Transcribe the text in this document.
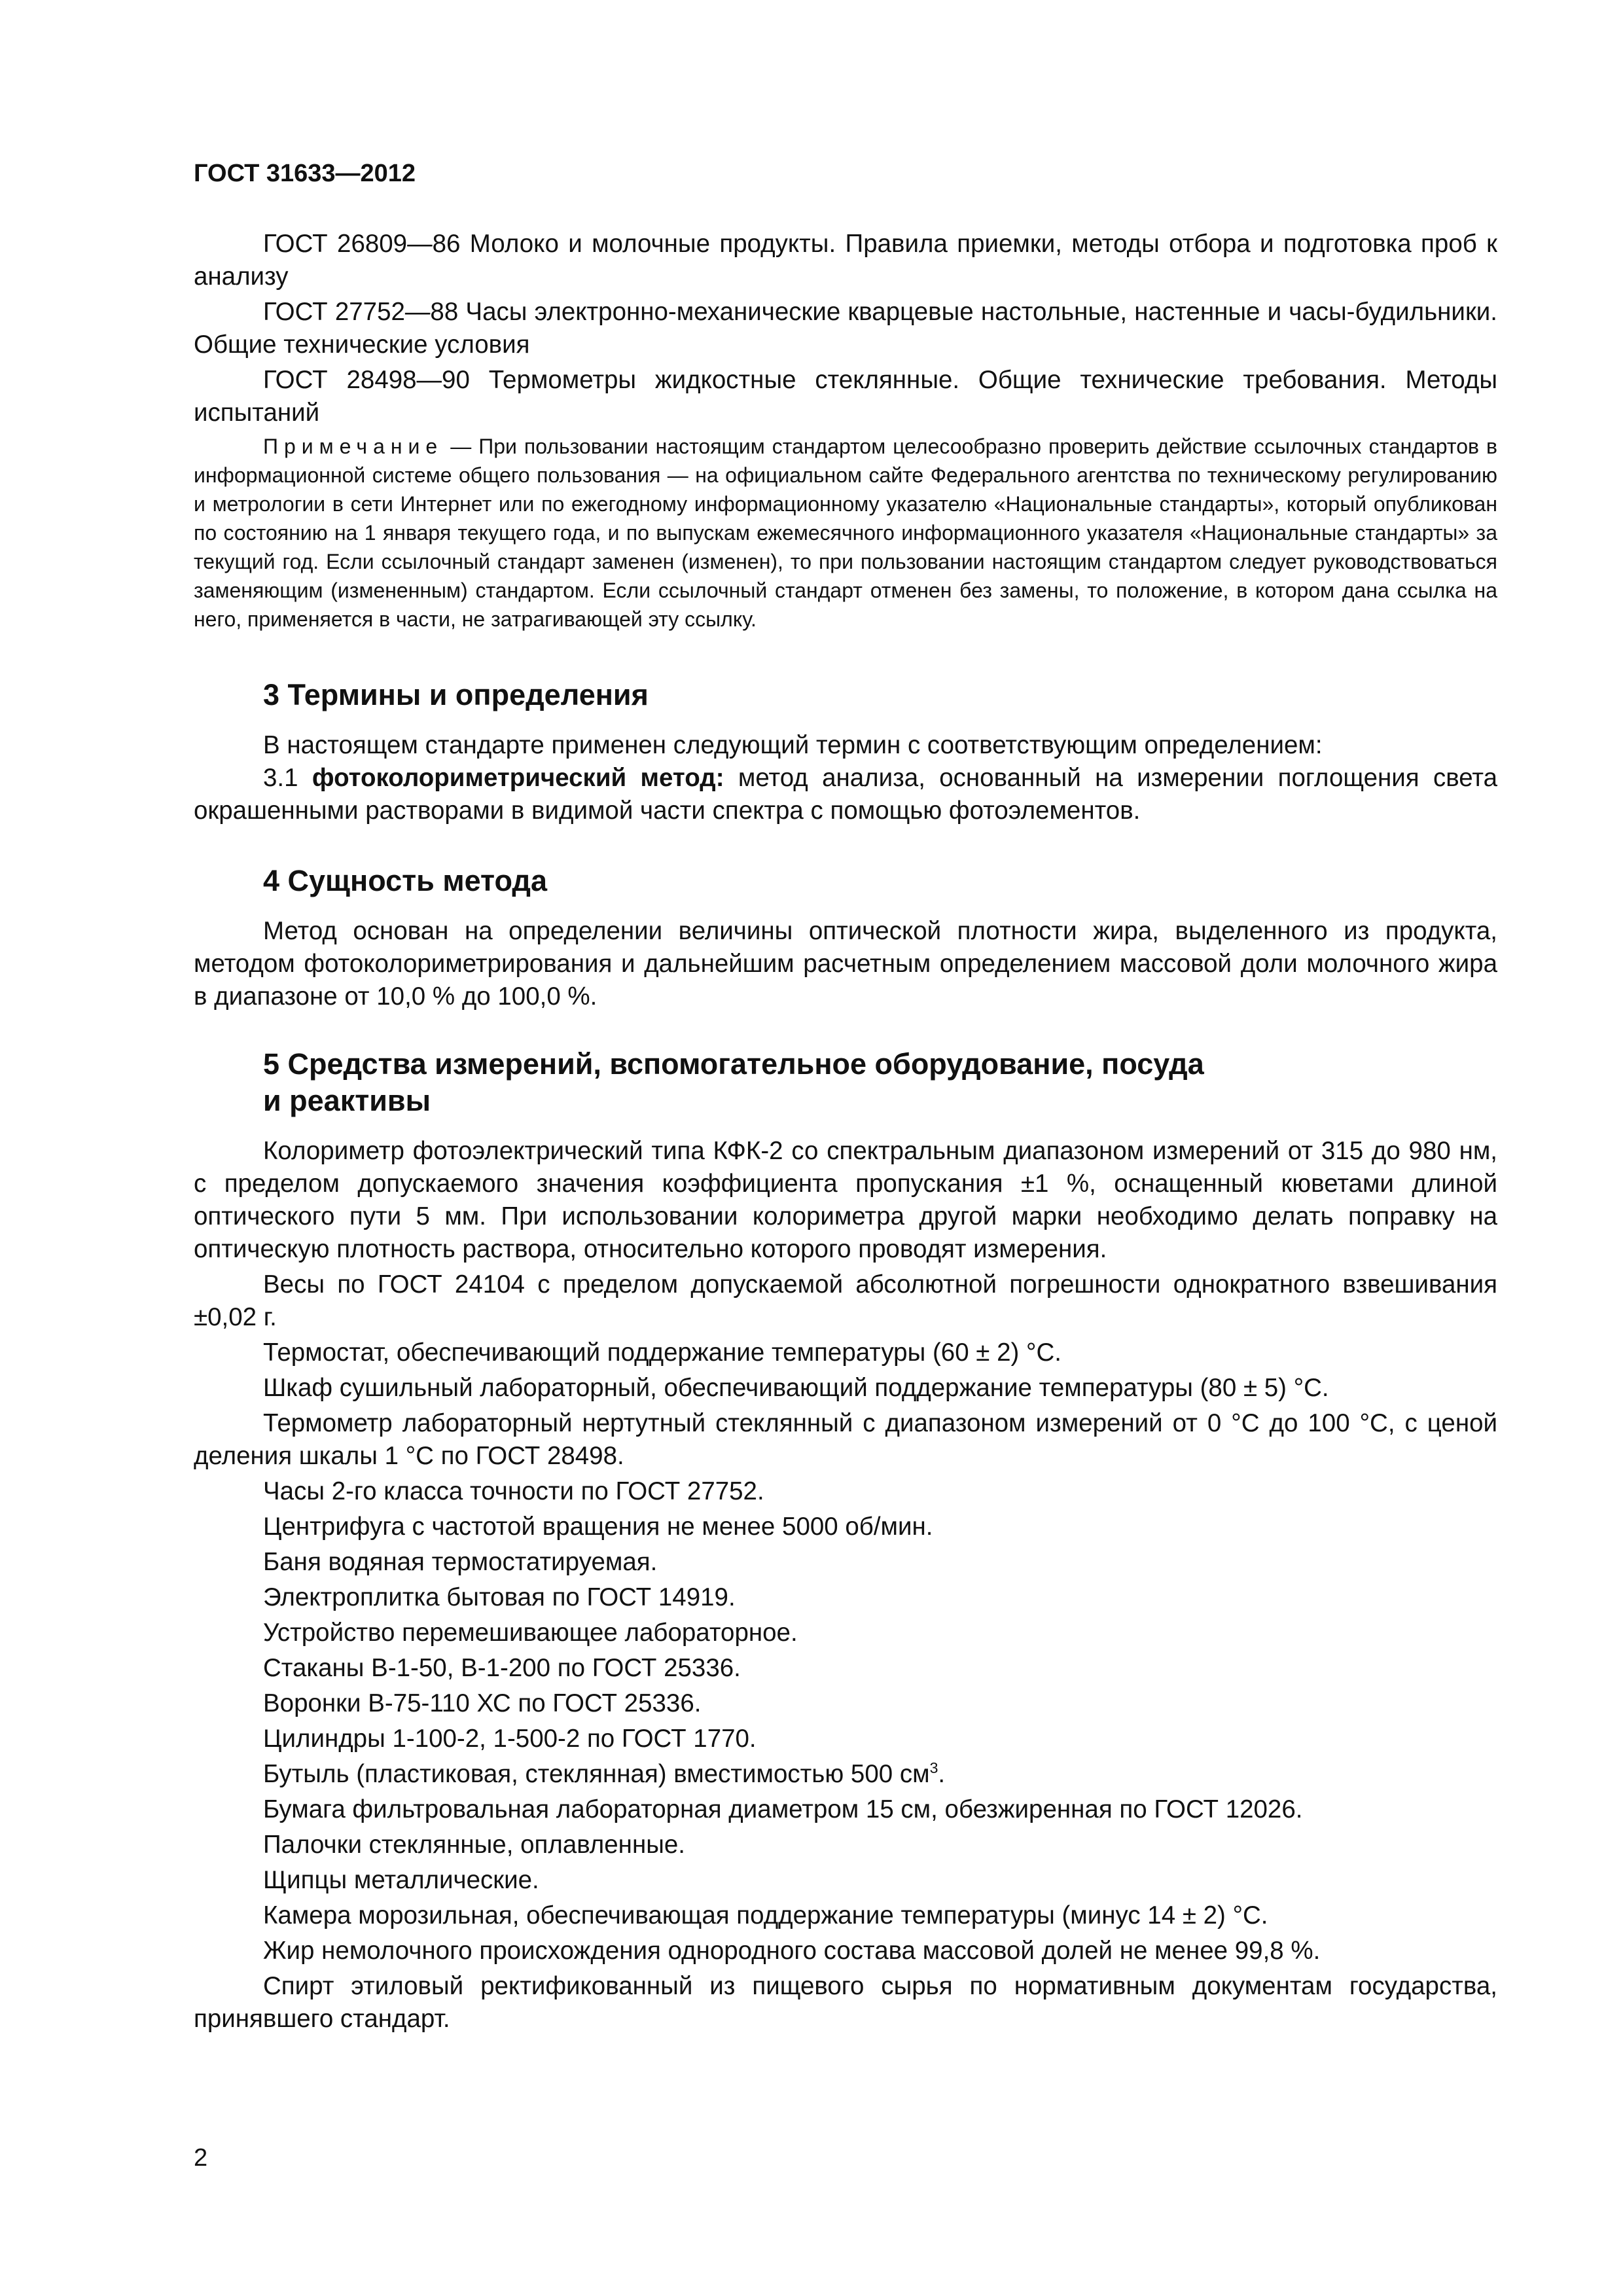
ГОСТ 31633—2012

ГОСТ 26809—86 Молоко и молочные продукты. Правила приемки, методы отбора и подготовка проб к анализу

ГОСТ 27752—88 Часы электронно-механические кварцевые настольные, настенные и часы-будильники. Общие технические условия

ГОСТ 28498—90 Термометры жидкостные стеклянные. Общие технические требования. Методы испытаний

Примечание — При пользовании настоящим стандартом целесообразно проверить действие ссылочных стандартов в информационной системе общего пользования — на официальном сайте Федерального агентства по техническому регулированию и метрологии в сети Интернет или по ежегодному информационному указателю «Национальные стандарты», который опубликован по состоянию на 1 января текущего года, и по выпускам ежемесячного информационного указателя «Национальные стандарты» за текущий год. Если ссылочный стандарт заменен (изменен), то при пользовании настоящим стандартом следует руководствоваться заменяющим (измененным) стандартом. Если ссылочный стандарт отменен без замены, то положение, в котором дана ссылка на него, применяется в части, не затрагивающей эту ссылку.

3 Термины и определения

В настоящем стандарте применен следующий термин с соответствующим определением:

3.1 фотоколориметрический метод: метод анализа, основанный на измерении поглощения света окрашенными растворами в видимой части спектра с помощью фотоэлементов.

4 Сущность метода

Метод основан на определении величины оптической плотности жира, выделенного из продукта, методом фотоколориметрирования и дальнейшим расчетным определением массовой доли молочного жира в диапазоне от 10,0 % до 100,0 %.

5 Средства измерений, вспомогательное оборудование, посуда
и реактивы

Колориметр фотоэлектрический типа КФК-2 со спектральным диапазоном измерений от 315 до 980 нм, с пределом допускаемого значения коэффициента пропускания ±1 %, оснащенный кюветами длиной оптического пути 5 мм. При использовании колориметра другой марки необходимо делать поправку на оптическую плотность раствора, относительно которого проводят измерения.

Весы по ГОСТ 24104 с пределом допускаемой абсолютной погрешности однократного взвешивания ±0,02 г.

Термостат, обеспечивающий поддержание температуры (60 ± 2) °С.

Шкаф сушильный лабораторный, обеспечивающий поддержание температуры (80 ± 5) °С.

Термометр лабораторный нертутный стеклянный с диапазоном измерений от 0 °С до 100 °С, с ценой деления шкалы 1 °С по ГОСТ 28498.

Часы 2-го класса точности по ГОСТ 27752.

Центрифуга с частотой вращения не менее 5000 об/мин.

Баня водяная термостатируемая.

Электроплитка бытовая по ГОСТ 14919.

Устройство перемешивающее лабораторное.

Стаканы В-1-50, В-1-200 по ГОСТ 25336.

Воронки В-75-110 ХС по ГОСТ 25336.

Цилиндры 1-100-2, 1-500-2 по ГОСТ 1770.

Бутыль (пластиковая, стеклянная) вместимостью 500 $см^3$.

Бумага фильтровальная лабораторная диаметром 15 см, обезжиренная по ГОСТ 12026.

Палочки стеклянные, оплавленные.

Щипцы металлические.

Камера морозильная, обеспечивающая поддержание температуры (минус 14 ± 2) °С.

Жир немолочного происхождения однородного состава массовой долей не менее 99,8 %.

Спирт этиловый ректификованный из пищевого сырья по нормативным документам государства, принявшего стандарт.

2
